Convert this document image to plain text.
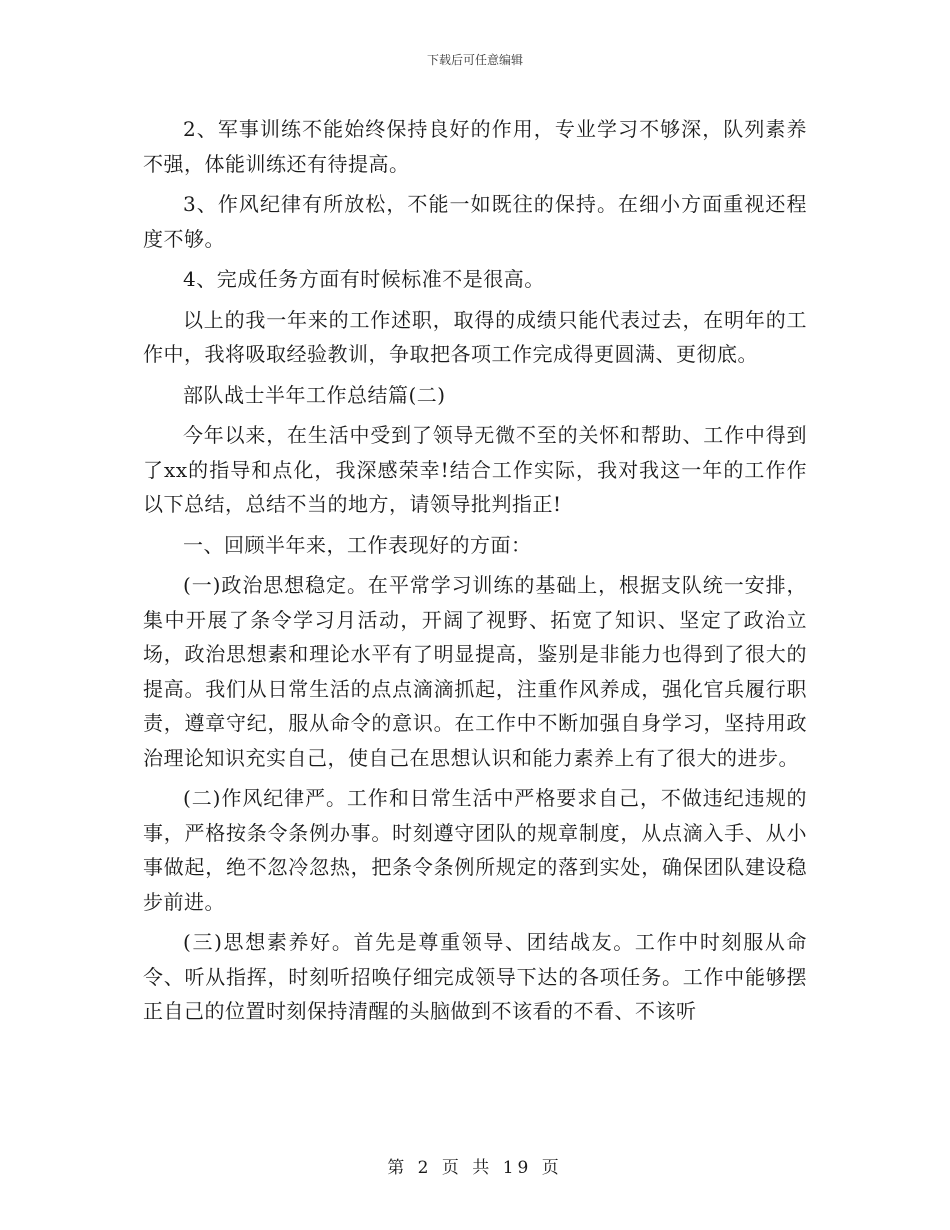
下载后可任意编辑

2、军事训练不能始终保持良好的作用，专业学习不够深，队列素养不强，体能训练还有待提高。

3、作风纪律有所放松，不能一如既往的保持。在细小方面重视还程度不够。

4、完成任务方面有时候标准不是很高。

以上的我一年来的工作述职，取得的成绩只能代表过去，在明年的工作中，我将吸取经验教训，争取把各项工作完成得更圆满、更彻底。

部队战士半年工作总结篇(二)

今年以来，在生活中受到了领导无微不至的关怀和帮助、工作中得到了xx的指导和点化，我深感荣幸!结合工作实际，我对我这一年的工作作以下总结，总结不当的地方，请领导批判指正!

一、回顾半年来，工作表现好的方面：

(一)政治思想稳定。在平常学习训练的基础上，根据支队统一安排，集中开展了条令学习月活动，开阔了视野、拓宽了知识、坚定了政治立场，政治思想素和理论水平有了明显提高，鉴别是非能力也得到了很大的提高。我们从日常生活的点点滴滴抓起，注重作风养成，强化官兵履行职责，遵章守纪，服从命令的意识。在工作中不断加强自身学习，坚持用政治理论知识充实自己，使自己在思想认识和能力素养上有了很大的进步。

(二)作风纪律严。工作和日常生活中严格要求自己，不做违纪违规的事，严格按条令条例办事。时刻遵守团队的规章制度，从点滴入手、从小事做起，绝不忽冷忽热，把条令条例所规定的落到实处，确保团队建设稳步前进。

(三)思想素养好。首先是尊重领导、团结战友。工作中时刻服从命令、听从指挥，时刻听招唤仔细完成领导下达的各项任务。工作中能够摆正自己的位置时刻保持清醒的头脑做到不该看的不看、不该听

第 2 页 共 19 页
